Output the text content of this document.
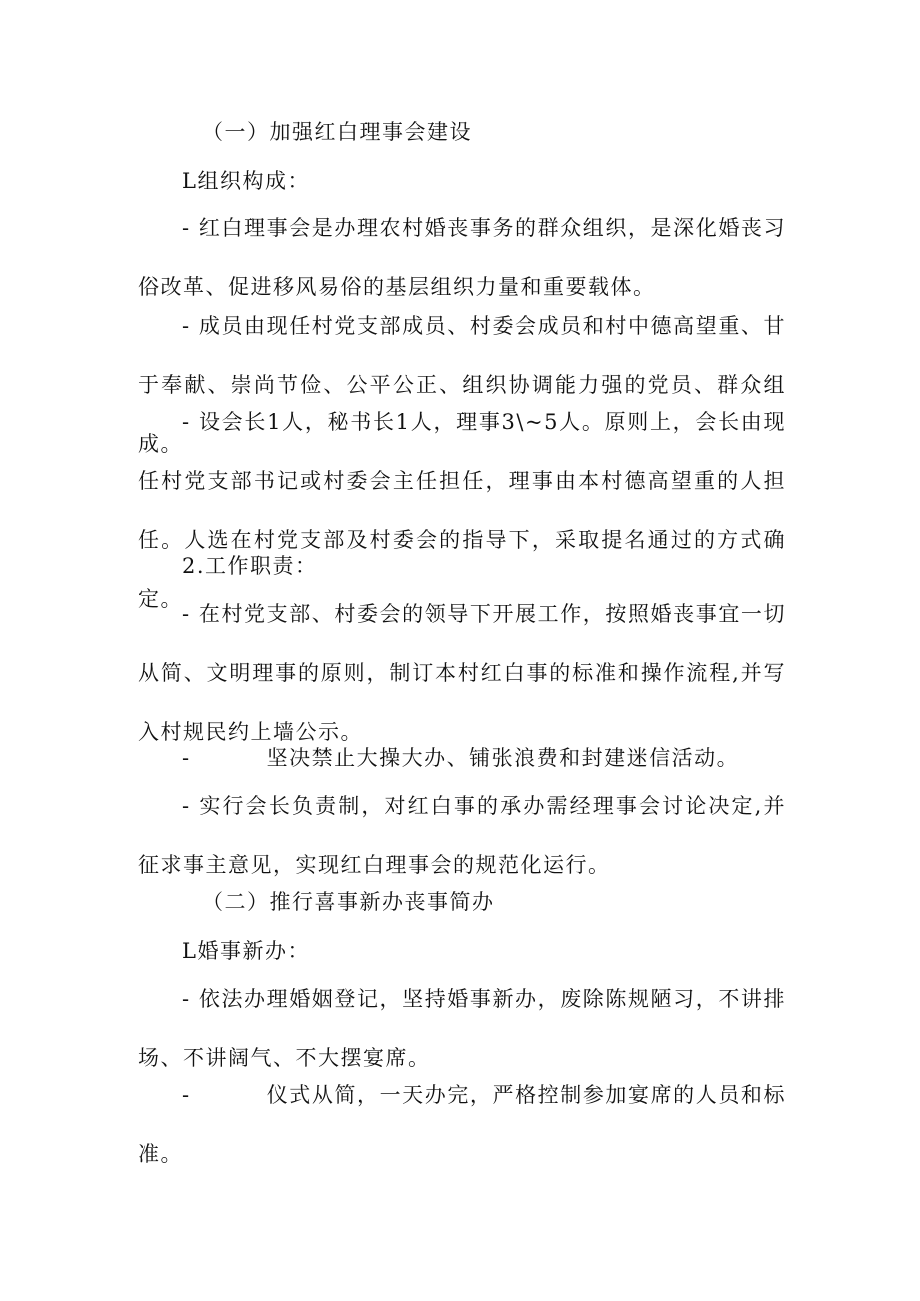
（一）加强红白理事会建设

L组织构成：

- 红白理事会是办理农村婚丧事务的群众组织，是深化婚丧习俗改革、促进移风易俗的基层组织力量和重要载体。

- 成员由现任村党支部成员、村委会成员和村中德高望重、甘于奉献、崇尚节俭、公平公正、组织协调能力强的党员、群众组成。

- 设会长1人，秘书长1人，理事3\~5人。原则上，会长由现任村党支部书记或村委会主任担任，理事由本村德高望重的人担任。人选在村党支部及村委会的指导下，采取提名通过的方式确定。

2.工作职责：

- 在村党支部、村委会的领导下开展工作，按照婚丧事宜一切从简、文明理事的原则，制订本村红白事的标准和操作流程,并写入村规民约上墙公示。

-	坚决禁止大操大办、铺张浪费和封建迷信活动。

- 实行会长负责制，对红白事的承办需经理事会讨论决定,并征求事主意见，实现红白理事会的规范化运行。

（二）推行喜事新办丧事简办

L婚事新办：

- 依法办理婚姻登记，坚持婚事新办，废除陈规陋习，不讲排场、不讲阔气、不大摆宴席。

-	仪式从简，一天办完，严格控制参加宴席的人员和标准。
